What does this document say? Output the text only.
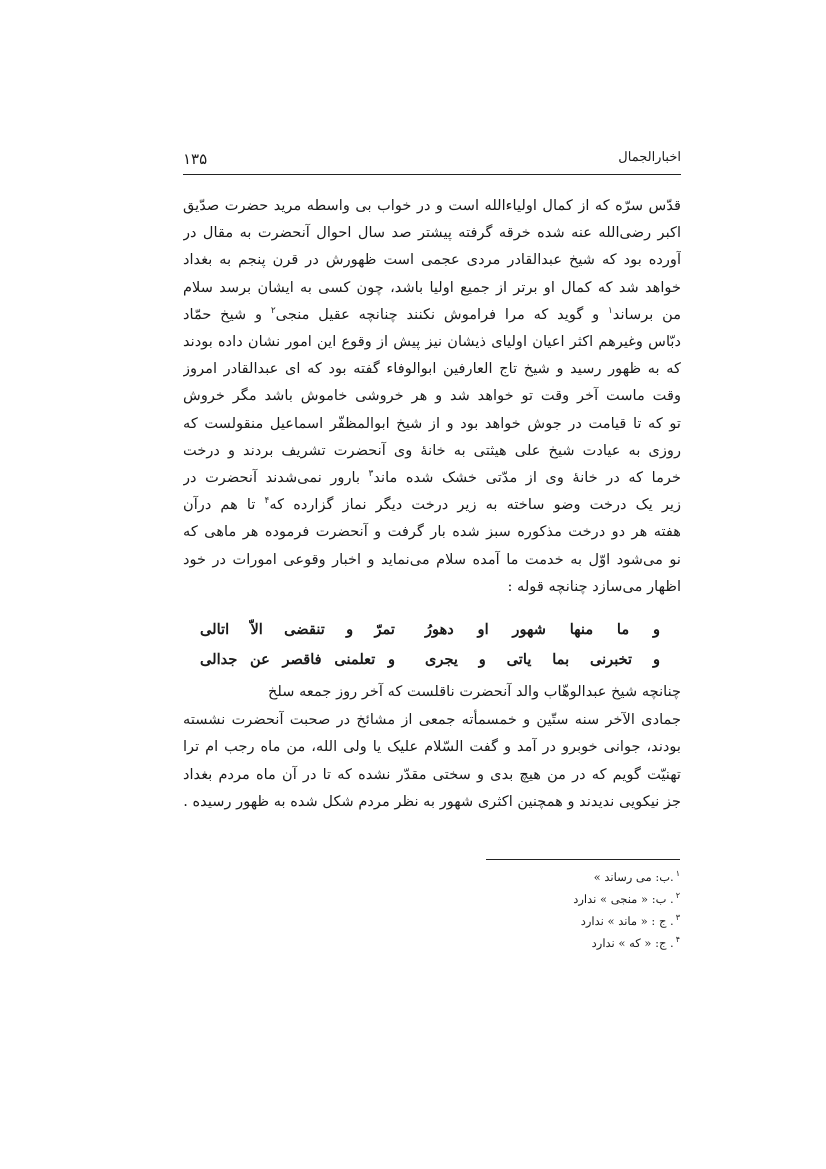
اخبارالجمال
۱۳۵
قدّس سرّه که از کمال اولیاءالله است و در خواب بی واسطه مرید حضرت صدّیق
اکبر رضی‌الله عنه شده خرقه گرفته پیشتر صد سال احوال آنحضرت به مقال در
آورده بود که شیخ عبدالقادر مردی عجمی است ظهورش در قرن پنجم به بغداد
خواهد شد که کمال او برتر از جمیع اولیا باشد، چون کسی به ایشان برسد سلام
من برساند$^۱$ و گوید که مرا فراموش نکنند چنانچه عقیل منجی$^۲$ و شیخ حمّاد
دبّاس وغیرهم اکثر اعیان اولیای ذیشان نیز پیش از وقوع این امور نشان داده بودند
که به ظهور رسید و شیخ تاج العارفین ابوالوفاء گفته بود که ای عبدالقادر امروز
وقت ماست آخر وقت تو خواهد شد و هر خروشی خاموش باشد مگر خروش
تو که تا قیامت در جوش خواهد بود و از شیخ ابوالمظفّر اسماعیل منقولست که
روزی به عیادت شیخ علی هیثتی به خانهٔ وی آنحضرت تشریف بردند و درخت
خرما که در خانهٔ وی از مدّتی خشک شده ماند$^۳$ بارور نمی‌شدند آنحضرت در
زیر یک درخت وضو ساخته به زیر درخت دیگر نماز گزارده که$^۴$ تا هم درآن
هفته هر دو درخت مذکوره سبز شده بار گرفت و آنحضرت فرموده هر ماهی که
نو می‌شود اوّل به خدمت ما آمده سلام می‌نماید و اخبار وقوعی امورات در خود
اظهار می‌سازد چنانچه قوله :
و ما منها شهور او دهورُ
تمرّ و تنقضی الاّ اتالی
و تخبرنی بما یاتی و یجری
و تعلمنی فاقصر عن جدالی
چنانچه شیخ عبدالوهّاب والد آنحضرت ناقلست که آخر روز جمعه سلخ
جمادی الآخر سنه ستّین و خمسمأته جمعی از مشائخ در صحبت آنحضرت نشسته
بودند، جوانی خوبرو در آمد و گفت السّلام علیک یا ولی الله، من ماه رجب ام ترا
تهنیّت گویم که در من هیچ بدی و سختی مقدّر نشده که تا در آن ماه مردم بغداد
جز نیکویی ندیدند و همچنین اکثری شهور به نظر مردم شکل شده به ظهور رسیده .
$^۱$.ب: می رساند »
$^۲$. ب: « منجی » ندارد
$^۳$. ج : « ماند » ندارد
$^۴$. ج: « که » ندارد
